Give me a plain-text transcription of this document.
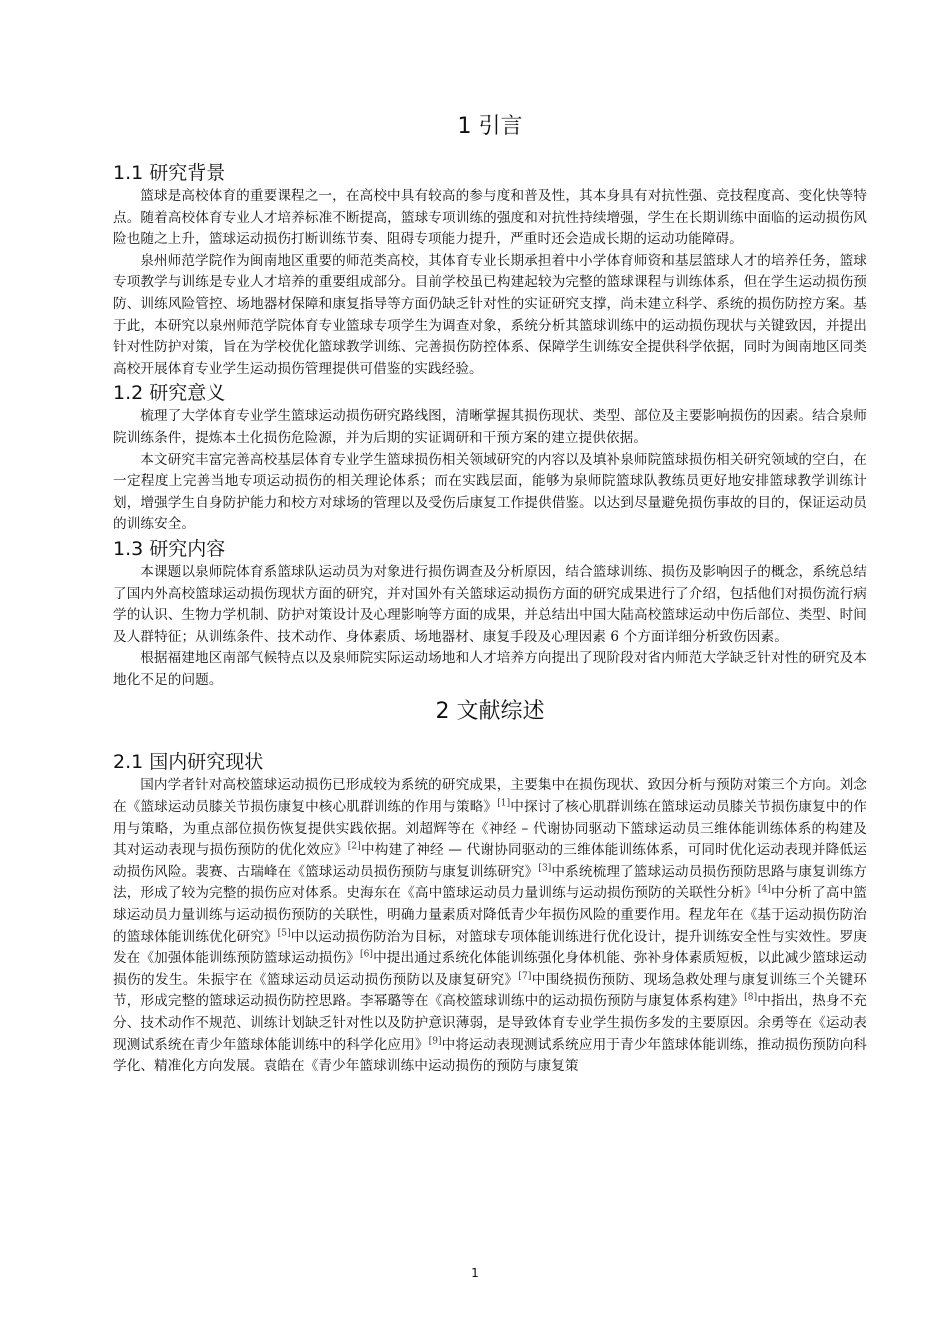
1 引言
1.1 研究背景

篮球是高校体育的重要课程之一，在高校中具有较高的参与度和普及性，其本身具有对抗性强、竞技程度高、变化快等特点。随着高校体育专业人才培养标准不断提高，篮球专项训练的强度和对抗性持续增强，学生在长期训练中面临的运动损伤风险也随之上升，篮球运动损伤打断训练节奏、阻碍专项能力提升，严重时还会造成长期的运动功能障碍。

泉州师范学院作为闽南地区重要的师范类高校，其体育专业长期承担着中小学体育师资和基层篮球人才的培养任务，篮球专项教学与训练是专业人才培养的重要组成部分。目前学校虽已构建起较为完整的篮球课程与训练体系，但在学生运动损伤预防、训练风险管控、场地器材保障和康复指导等方面仍缺乏针对性的实证研究支撑，尚未建立科学、系统的损伤防控方案。基于此，本研究以泉州师范学院体育专业篮球专项学生为调查对象，系统分析其篮球训练中的运动损伤现状与关键致因，并提出针对性防护对策，旨在为学校优化篮球教学训练、完善损伤防控体系、保障学生训练安全提供科学依据，同时为闽南地区同类高校开展体育专业学生运动损伤管理提供可借鉴的实践经验。

1.2 研究意义

梳理了大学体育专业学生篮球运动损伤研究路线图，清晰掌握其损伤现状、类型、部位及主要影响损伤的因素。结合泉师院训练条件，提炼本土化损伤危险源，并为后期的实证调研和干预方案的建立提供依据。

本文研究丰富完善高校基层体育专业学生篮球损伤相关领域研究的内容以及填补泉师院篮球损伤相关研究领域的空白，在一定程度上完善当地专项运动损伤的相关理论体系；而在实践层面，能够为泉师院篮球队教练员更好地安排篮球教学训练计划，增强学生自身防护能力和校方对球场的管理以及受伤后康复工作提供借鉴。以达到尽量避免损伤事故的目的，保证运动员的训练安全。

1.3 研究内容

本课题以泉师院体育系篮球队运动员为对象进行损伤调查及分析原因，结合篮球训练、损伤及影响因子的概念，系统总结了国内外高校篮球运动损伤现状方面的研究，并对国外有关篮球运动损伤方面的研究成果进行了介绍，包括他们对损伤流行病学的认识、生物力学机制、防护对策设计及心理影响等方面的成果，并总结出中国大陆高校篮球运动中伤后部位、类型、时间及人群特征；从训练条件、技术动作、身体素质、场地器材、康复手段及心理因素 6 个方面详细分析致伤因素。

根据福建地区南部气候特点以及泉师院实际运动场地和人才培养方向提出了现阶段对省内师范大学缺乏针对性的研究及本地化不足的问题。

2 文献综述
2.1 国内研究现状

国内学者针对高校篮球运动损伤已形成较为系统的研究成果，主要集中在损伤现状、致因分析与预防对策三个方向。刘念在《篮球运动员膝关节损伤康复中核心肌群训练的作用与策略》[1]中探讨了核心肌群训练在篮球运动员膝关节损伤康复中的作用与策略，为重点部位损伤恢复提供实践依据。刘超辉等在《神经 – 代谢协同驱动下篮球运动员三维体能训练体系的构建及其对运动表现与损伤预防的优化效应》[2]中构建了神经 — 代谢协同驱动的三维体能训练体系，可同时优化运动表现并降低运动损伤风险。裴赛、古瑞峰在《篮球运动员损伤预防与康复训练研究》[3]中系统梳理了篮球运动员损伤预防思路与康复训练方法，形成了较为完整的损伤应对体系。史海东在《高中篮球运动员力量训练与运动损伤预防的关联性分析》[4]中分析了高中篮球运动员力量训练与运动损伤预防的关联性，明确力量素质对降低青少年损伤风险的重要作用。程龙年在《基于运动损伤防治的篮球体能训练优化研究》[5]中以运动损伤防治为目标，对篮球专项体能训练进行优化设计，提升训练安全性与实效性。罗庚发在《加强体能训练预防篮球运动损伤》[6]中提出通过系统化体能训练强化身体机能、弥补身体素质短板，以此减少篮球运动损伤的发生。朱振宇在《篮球运动员运动损伤预防以及康复研究》[7]中围绕损伤预防、现场急救处理与康复训练三个关键环节，形成完整的篮球运动损伤防控思路。李幂璐等在《高校篮球训练中的运动损伤预防与康复体系构建》[8]中指出，热身不充分、技术动作不规范、训练计划缺乏针对性以及防护意识薄弱，是导致体育专业学生损伤多发的主要原因。余勇等在《运动表现测试系统在青少年篮球体能训练中的科学化应用》[9]中将运动表现测试系统应用于青少年篮球体能训练，推动损伤预防向科学化、精准化方向发展。袁皓在《青少年篮球训练中运动损伤的预防与康复策

1
